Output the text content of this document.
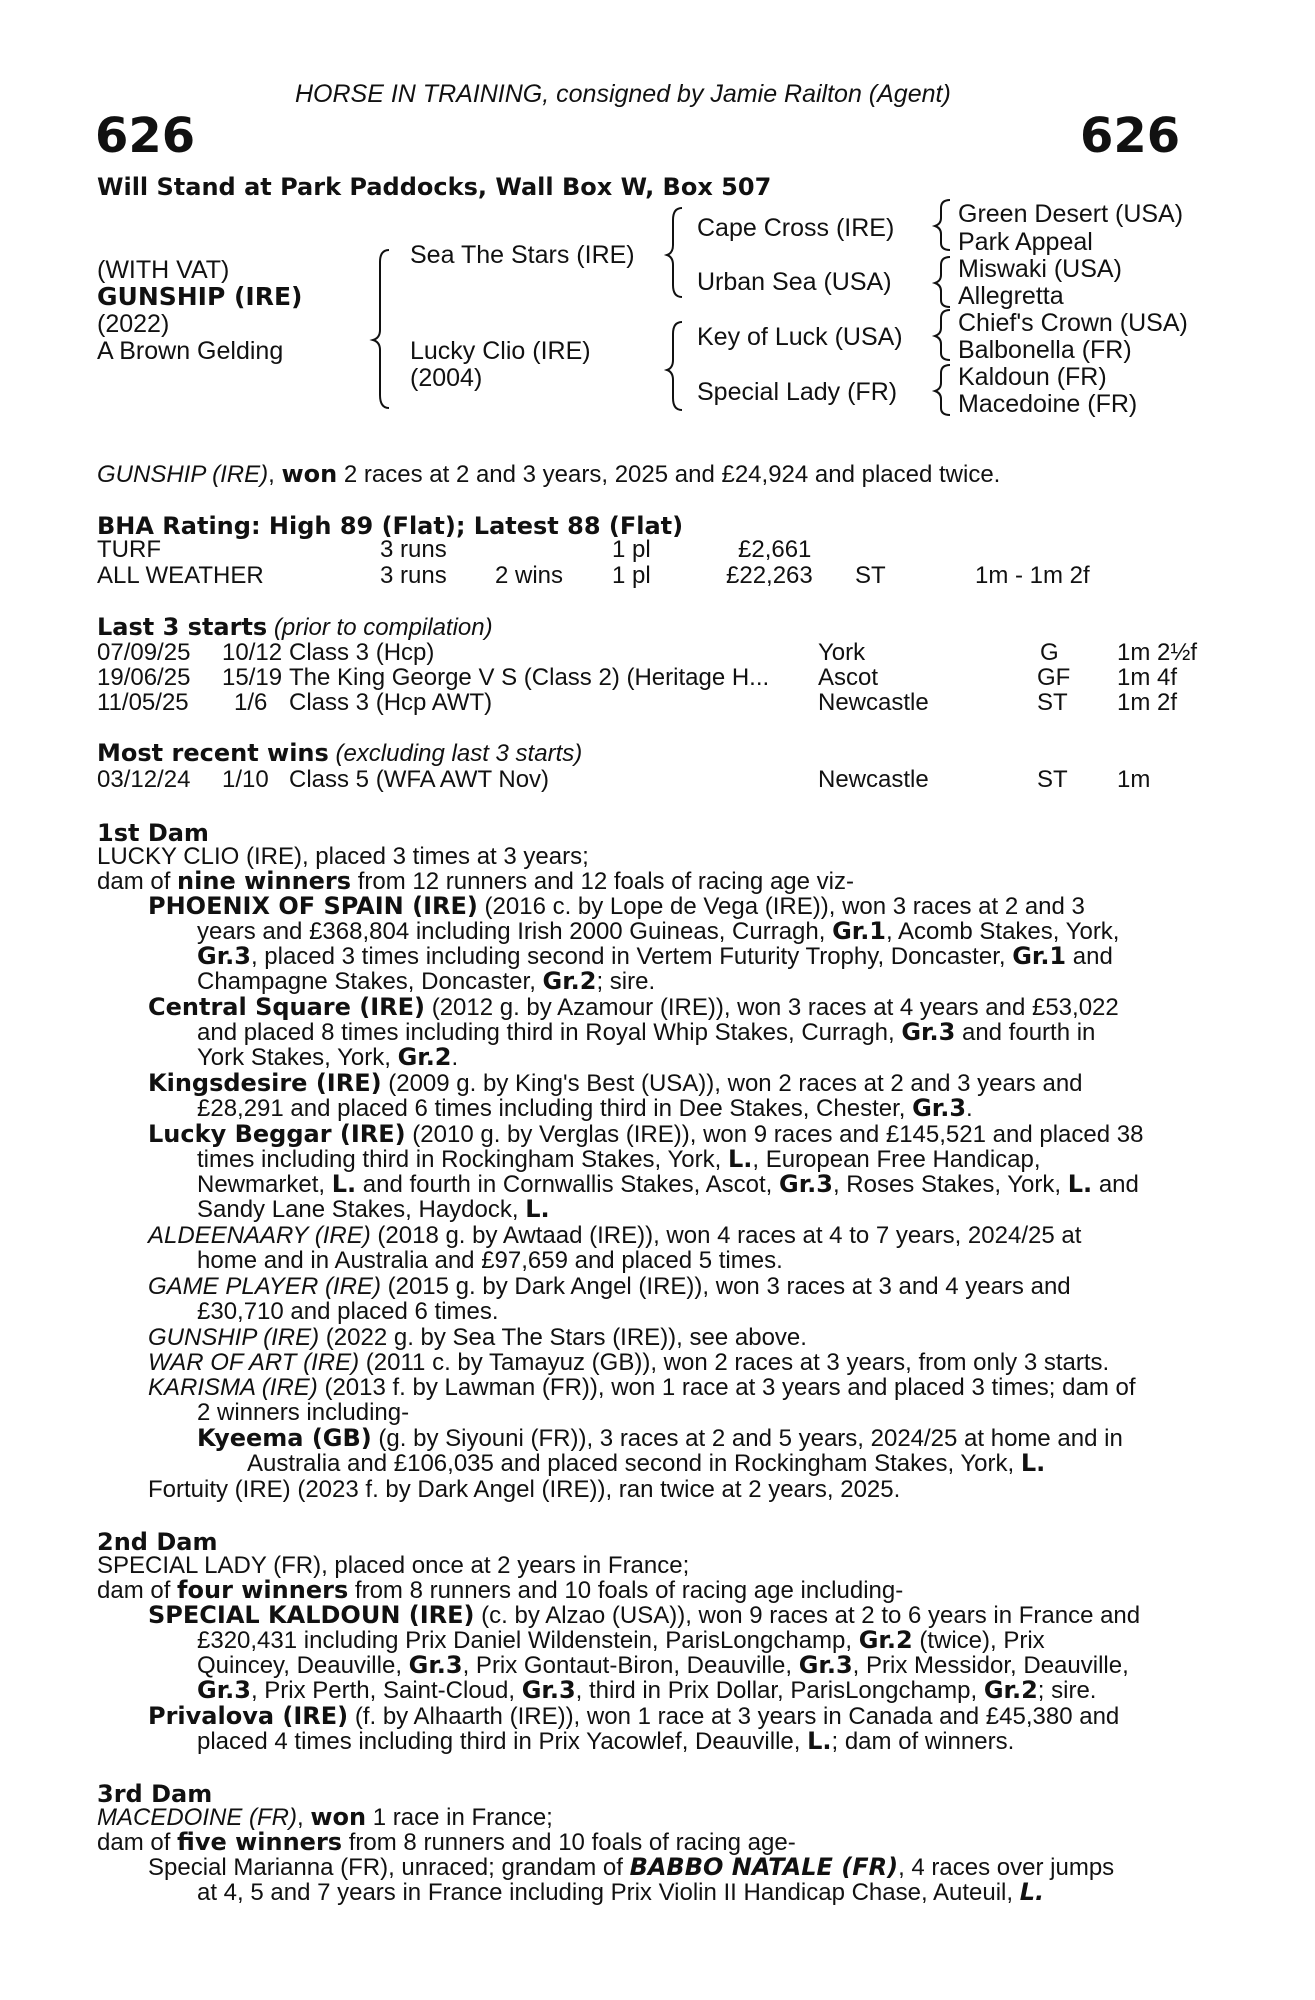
HORSE IN TRAINING, consigned by Jamie Railton (Agent)
626	626
Will Stand at Park Paddocks, Wall Box W, Box 507
(WITH VAT)
GUNSHIP (IRE)
(2022)
A Brown Gelding
Sea The Stars (IRE)
Lucky Clio (IRE)
(2004)
Cape Cross (IRE)
Urban Sea (USA)
Key of Luck (USA)
Special Lady (FR)
Green Desert (USA)
Park Appeal
Miswaki (USA)
Allegretta
Chief's Crown (USA)
Balbonella (FR)
Kaldoun (FR)
Macedoine (FR)
GUNSHIP (IRE), won 2 races at 2 and 3 years, 2025 and £24,924 and placed twice.
BHA Rating: High 89 (Flat); Latest 88 (Flat)
TURF	3 runs	1 pl	£2,661
ALL WEATHER	3 runs 2 wins 1 pl	£22,263 ST	1m - 1m 2f
Last 3 starts (prior to compilation)
07/09/25 10/12 Class 3 (Hcp)	York	G 1m 2½f
19/06/25 15/19 The King George V S (Class 2) (Heritage H... Ascot	GF 1m 4f
11/05/25 1/6 Class 3 (Hcp AWT)	Newcastle	ST 1m 2f
Most recent wins (excluding last 3 starts)
03/12/24 1/10 Class 5 (WFA AWT Nov)	Newcastle	ST 1m
1st Dam
LUCKY CLIO (IRE), placed 3 times at 3 years;
dam of nine winners from 12 runners and 12 foals of racing age viz-
PHOENIX OF SPAIN (IRE) (2016 c. by Lope de Vega (IRE)), won 3 races at 2 and 3
years and £368,804 including Irish 2000 Guineas, Curragh, Gr.1, Acomb Stakes, York,
Gr.3, placed 3 times including second in Vertem Futurity Trophy, Doncaster, Gr.1 and
Champagne Stakes, Doncaster, Gr.2; sire.
Central Square (IRE) (2012 g. by Azamour (IRE)), won 3 races at 4 years and £53,022
and placed 8 times including third in Royal Whip Stakes, Curragh, Gr.3 and fourth in
York Stakes, York, Gr.2.
Kingsdesire (IRE) (2009 g. by King's Best (USA)), won 2 races at 2 and 3 years and
£28,291 and placed 6 times including third in Dee Stakes, Chester, Gr.3.
Lucky Beggar (IRE) (2010 g. by Verglas (IRE)), won 9 races and £145,521 and placed 38
times including third in Rockingham Stakes, York, L., European Free Handicap,
Newmarket, L. and fourth in Cornwallis Stakes, Ascot, Gr.3, Roses Stakes, York, L. and
Sandy Lane Stakes, Haydock, L.
ALDEENAARY (IRE) (2018 g. by Awtaad (IRE)), won 4 races at 4 to 7 years, 2024/25 at
home and in Australia and £97,659 and placed 5 times.
GAME PLAYER (IRE) (2015 g. by Dark Angel (IRE)), won 3 races at 3 and 4 years and
£30,710 and placed 6 times.
GUNSHIP (IRE) (2022 g. by Sea The Stars (IRE)), see above.
WAR OF ART (IRE) (2011 c. by Tamayuz (GB)), won 2 races at 3 years, from only 3 starts.
KARISMA (IRE) (2013 f. by Lawman (FR)), won 1 race at 3 years and placed 3 times; dam of
2 winners including-
Kyeema (GB) (g. by Siyouni (FR)), 3 races at 2 and 5 years, 2024/25 at home and in
Australia and £106,035 and placed second in Rockingham Stakes, York, L.
Fortuity (IRE) (2023 f. by Dark Angel (IRE)), ran twice at 2 years, 2025.
2nd Dam
SPECIAL LADY (FR), placed once at 2 years in France;
dam of four winners from 8 runners and 10 foals of racing age including-
SPECIAL KALDOUN (IRE) (c. by Alzao (USA)), won 9 races at 2 to 6 years in France and
£320,431 including Prix Daniel Wildenstein, ParisLongchamp, Gr.2 (twice), Prix
Quincey, Deauville, Gr.3, Prix Gontaut-Biron, Deauville, Gr.3, Prix Messidor, Deauville,
Gr.3, Prix Perth, Saint-Cloud, Gr.3, third in Prix Dollar, ParisLongchamp, Gr.2; sire.
Privalova (IRE) (f. by Alhaarth (IRE)), won 1 race at 3 years in Canada and £45,380 and
placed 4 times including third in Prix Yacowlef, Deauville, L.; dam of winners.
3rd Dam
MACEDOINE (FR), won 1 race in France;
dam of five winners from 8 runners and 10 foals of racing age-
Special Marianna (FR), unraced; grandam of BABBO NATALE (FR), 4 races over jumps
at 4, 5 and 7 years in France including Prix Violin II Handicap Chase, Auteuil, L.
